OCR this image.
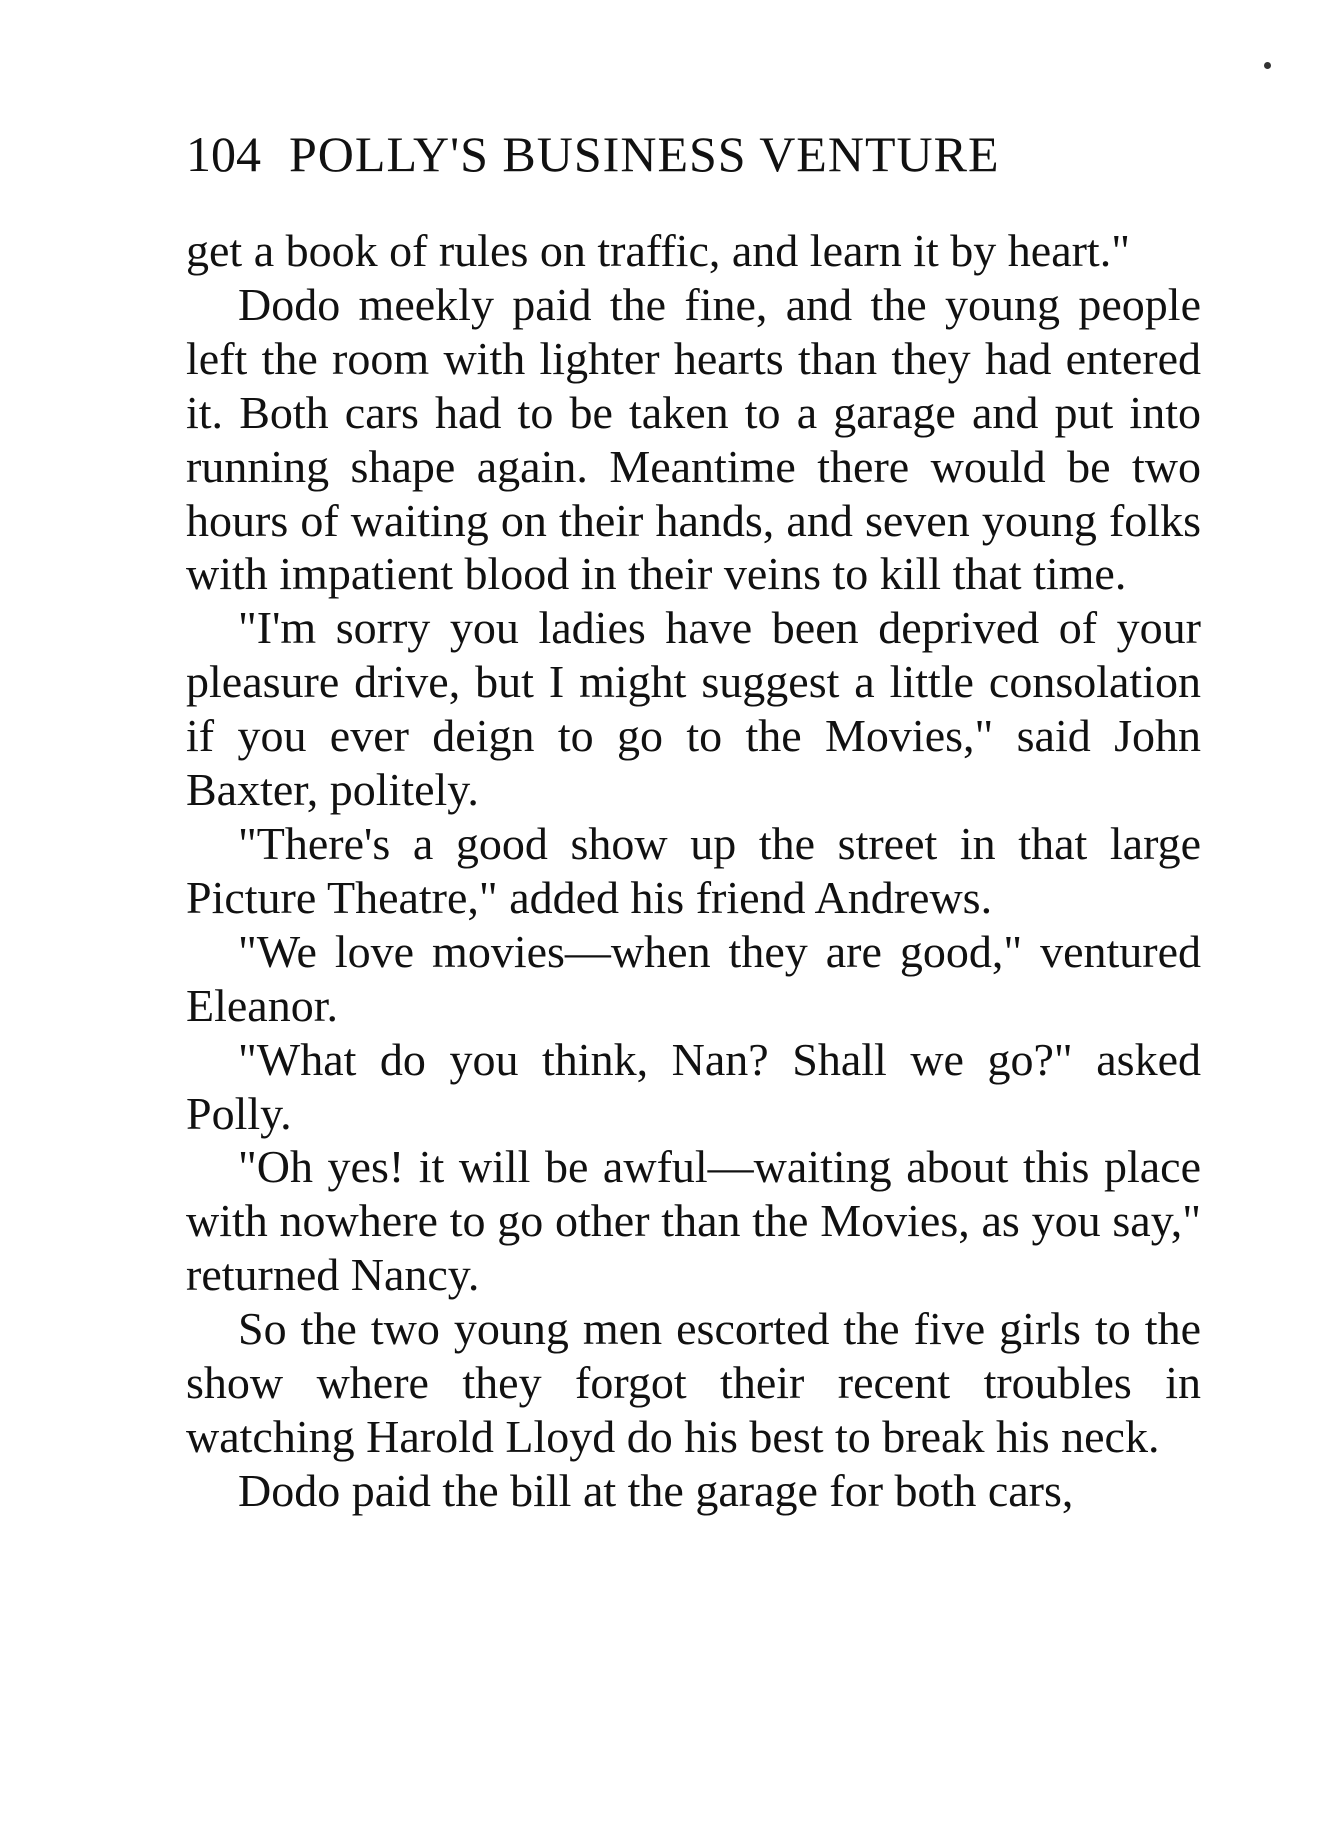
104 POLLY'S BUSINESS VENTURE

get a book of rules on traffic, and learn it by heart."

Dodo meekly paid the fine, and the young people left the room with lighter hearts than they had entered it. Both cars had to be taken to a garage and put into running shape again. Meantime there would be two hours of waiting on their hands, and seven young folks with impatient blood in their veins to kill that time.

"I'm sorry you ladies have been deprived of your pleasure drive, but I might suggest a little consolation if you ever deign to go to the Movies," said John Baxter, politely.

"There's a good show up the street in that large Picture Theatre," added his friend Andrews.

"We love movies—when they are good," ventured Eleanor.

"What do you think, Nan? Shall we go?" asked Polly.

"Oh yes! it will be awful—waiting about this place with nowhere to go other than the Movies, as you say," returned Nancy.

So the two young men escorted the five girls to the show where they forgot their recent troubles in watching Harold Lloyd do his best to break his neck.

Dodo paid the bill at the garage for both cars,
